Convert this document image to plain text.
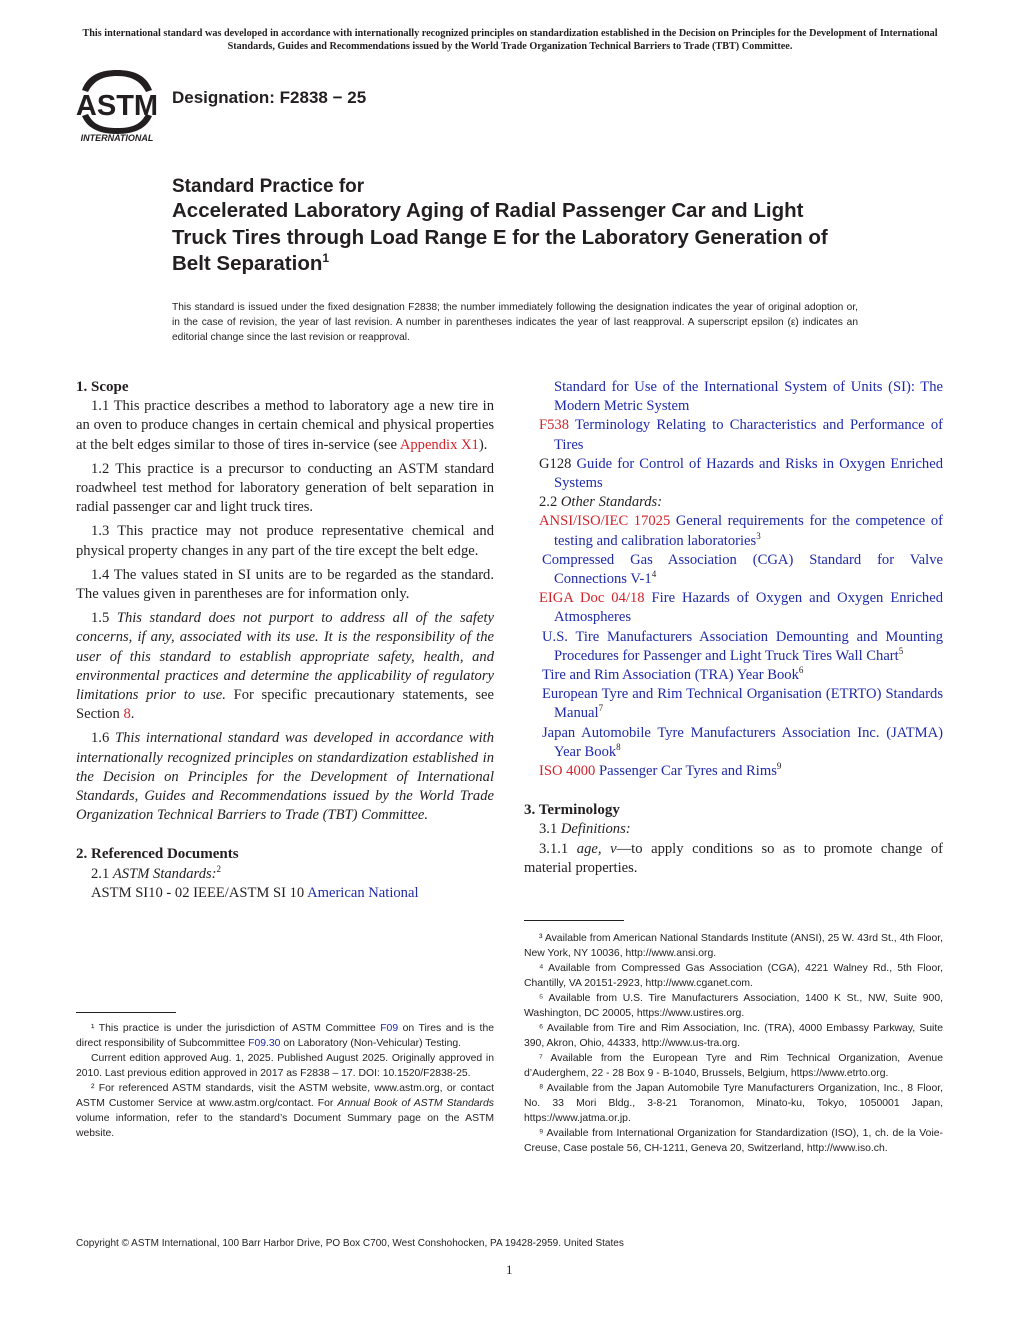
This international standard was developed in accordance with internationally recognized principles on standardization established in the Decision on Principles for the Development of International Standards, Guides and Recommendations issued by the World Trade Organization Technical Barriers to Trade (TBT) Committee.
ASTM
INTERNATIONAL
Designation: F2838 − 25
Standard Practice for
Accelerated Laboratory Aging of Radial Passenger Car and Light Truck Tires through Load Range E for the Laboratory Generation of Belt Separation$^1$
This standard is issued under the fixed designation F2838; the number immediately following the designation indicates the year of original adoption or, in the case of revision, the year of last revision. A number in parentheses indicates the year of last reapproval. A superscript epsilon (ε) indicates an editorial change since the last revision or reapproval.

1. Scope

1.1 This practice describes a method to laboratory age a new tire in an oven to produce changes in certain chemical and physical properties at the belt edges similar to those of tires in-service (see Appendix X1).

1.2 This practice is a precursor to conducting an ASTM standard roadwheel test method for laboratory generation of belt separation in radial passenger car and light truck tires.

1.3 This practice may not produce representative chemical and physical property changes in any part of the tire except the belt edge.

1.4 The values stated in SI units are to be regarded as the standard. The values given in parentheses are for information only.

1.5 This standard does not purport to address all of the safety concerns, if any, associated with its use. It is the responsibility of the user of this standard to establish appropriate safety, health, and environmental practices and determine the applicability of regulatory limitations prior to use. For specific precautionary statements, see Section 8.

1.6 This international standard was developed in accordance with internationally recognized principles on standardization established in the Decision on Principles for the Development of International Standards, Guides and Recommendations issued by the World Trade Organization Technical Barriers to Trade (TBT) Committee.

2. Referenced Documents

2.1 ASTM Standards:$^2$

ASTM SI10 - 02 IEEE/ASTM SI 10 American National

¹ This practice is under the jurisdiction of ASTM Committee F09 on Tires and is the direct responsibility of Subcommittee F09.30 on Laboratory (Non-Vehicular) Testing.

Current edition approved Aug. 1, 2025. Published August 2025. Originally approved in 2010. Last previous edition approved in 2017 as F2838 – 17. DOI: 10.1520/F2838-25.

² For referenced ASTM standards, visit the ASTM website, www.astm.org, or contact ASTM Customer Service at www.astm.org/contact. For Annual Book of ASTM Standards volume information, refer to the standard’s Document Summary page on the ASTM website.

Standard for Use of the International System of Units (SI): The Modern Metric System

F538 Terminology Relating to Characteristics and Performance of Tires

G128 Guide for Control of Hazards and Risks in Oxygen Enriched Systems

2.2 Other Standards:

ANSI/ISO/IEC 17025 General requirements for the competence of testing and calibration laboratories$^3$

Compressed Gas Association (CGA) Standard for Valve Connections $V-1^4$

EIGA Doc 04/18 Fire Hazards of Oxygen and Oxygen Enriched Atmospheres

U.S. Tire Manufacturers Association Demounting and Mounting Procedures for Passenger and Light Truck Tires Wall Chart$^5$

Tire and Rim Association (TRA) Year Book$^6$

European Tyre and Rim Technical Organisation (ETRTO) Standards Manual$^7$

Japan Automobile Tyre Manufacturers Association Inc. (JATMA) Year Book$^8$

ISO 4000 Passenger Car Tyres and Rims$^9$

3. Terminology

3.1 Definitions:

3.1.1 age, v—to apply conditions so as to promote change of material properties.

³ Available from American National Standards Institute (ANSI), 25 W. 43rd St., 4th Floor, New York, NY 10036, http://www.ansi.org.

⁴ Available from Compressed Gas Association (CGA), 4221 Walney Rd., 5th Floor, Chantilly, VA 20151-2923, http://www.cganet.com.

⁵ Available from U.S. Tire Manufacturers Association, 1400 K St., NW, Suite 900, Washington, DC 20005, https://www.ustires.org.

⁶ Available from Tire and Rim Association, Inc. (TRA), 4000 Embassy Parkway, Suite 390, Akron, Ohio, 44333, http://www.us-tra.org.

⁷ Available from the European Tyre and Rim Technical Organization, Avenue d’Auderghem, 22 - 28 Box 9 - B-1040, Brussels, Belgium, https://www.etrto.org.

⁸ Available from the Japan Automobile Tyre Manufacturers Organization, Inc., 8 Floor, No. 33 Mori Bldg., 3-8-21 Toranomon, Minato-ku, Tokyo, 1050001 Japan, https://www.jatma.or.jp.

⁹ Available from International Organization for Standardization (ISO), 1, ch. de la Voie-Creuse, Case postale 56, CH-1211, Geneva 20, Switzerland, http://www.iso.ch.

Copyright © ASTM International, 100 Barr Harbor Drive, PO Box C700, West Conshohocken, PA 19428-2959. United States
1
